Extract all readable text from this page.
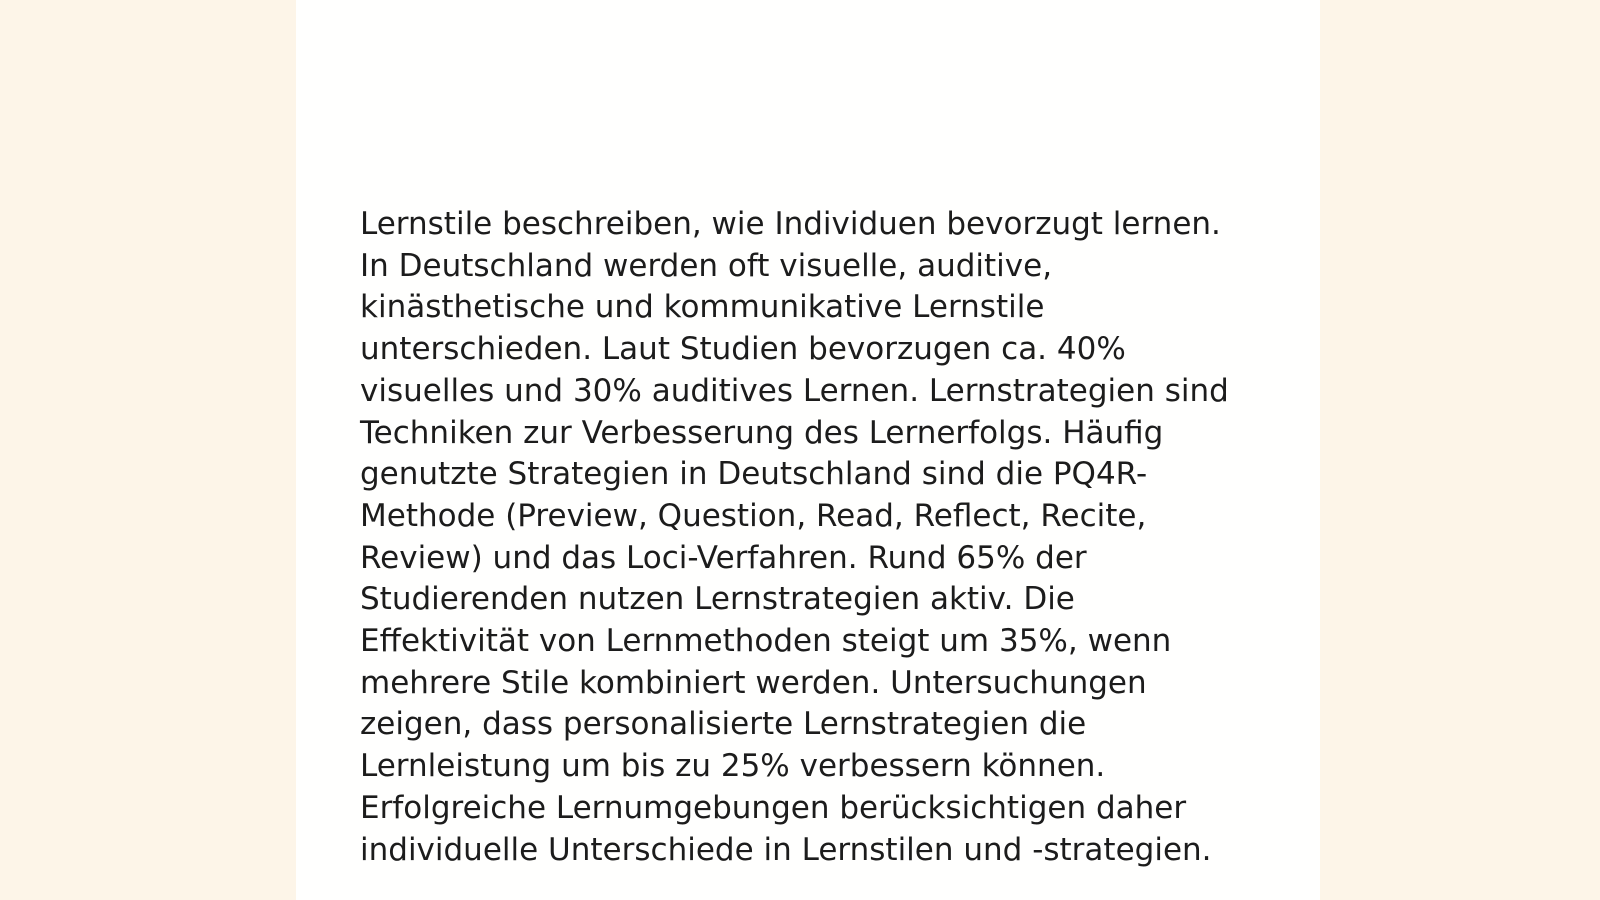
Lernstile beschreiben, wie Individuen bevorzugt lernen. In Deutschland werden oft visuelle, auditive, kinästhetische und kommunikative Lernstile unterschieden. Laut Studien bevorzugen ca. 40% visuelles und 30% auditives Lernen. Lernstrategien sind Techniken zur Verbesserung des Lernerfolgs. Häufig genutzte Strategien in Deutschland sind die PQ4R-Methode (Preview, Question, Read, Reflect, Recite, Review) und das Loci-Verfahren. Rund 65% der Studierenden nutzen Lernstrategien aktiv. Die Effektivität von Lernmethoden steigt um 35%, wenn mehrere Stile kombiniert werden. Untersuchungen zeigen, dass personalisierte Lernstrategien die Lernleistung um bis zu 25% verbessern können. Erfolgreiche Lernumgebungen berücksichtigen daher individuelle Unterschiede in Lernstilen und -strategien.
